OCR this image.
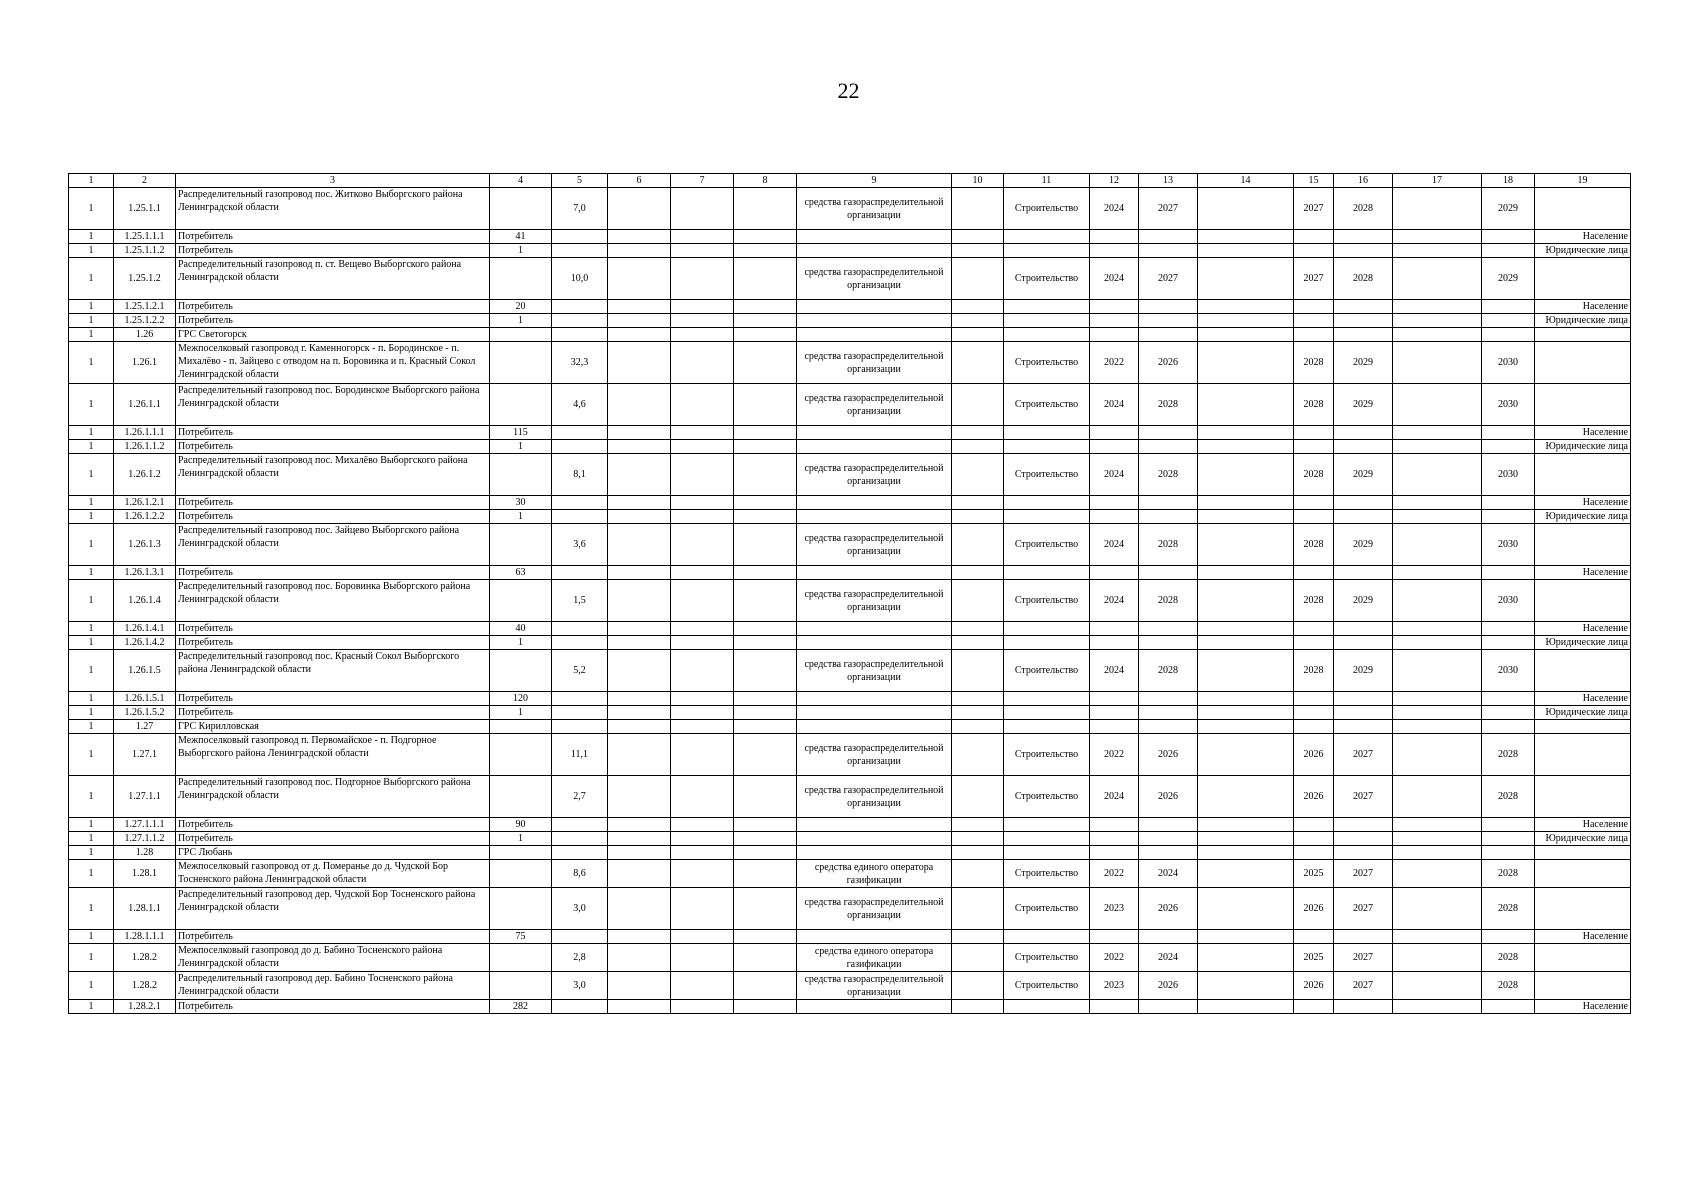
22
1	2	3	4	5	6	7	8	9	10	11	12	13	14	15	16	17	18	19
1	1.25.1.1	Распределительный газопровод пос. Житково Выборгского района Ленинградской области		7,0				средства газораспределительной организации		Строительство	2024	2027		2027	2028		2029	
1	1.25.1.1.1	Потребитель	41															Население
1	1.25.1.1.2	Потребитель	1															Юридические лица
1	1.25.1.2	Распределительный газопровод п. ст. Вещево Выборгского района Ленинградской области		10,0				средства газораспределительной организации		Строительство	2024	2027		2027	2028		2029	
1	1.25.1.2.1	Потребитель	20															Население
1	1.25.1.2.2	Потребитель	1															Юридические лица
1	1.26	ГРС Светогорск																
1	1.26.1	Межпоселковый газопровод г. Каменногорск - п. Бородинское - п. Михалёво - п. Зайцево с отводом на п. Боровинка и п. Красный Сокол Ленинградской области		32,3				средства газораспределительной организации		Строительство	2022	2026		2028	2029		2030	
1	1.26.1.1	Распределительный газопровод пос. Бородинское Выборгского района Ленинградской области		4,6				средства газораспределительной организации		Строительство	2024	2028		2028	2029		2030	
1	1.26.1.1.1	Потребитель	115															Население
1	1.26.1.1.2	Потребитель	1															Юридические лица
1	1.26.1.2	Распределительный газопровод пос. Михалёво Выборгского района Ленинградской области		8,1				средства газораспределительной организации		Строительство	2024	2028		2028	2029		2030	
1	1.26.1.2.1	Потребитель	30															Население
1	1.26.1.2.2	Потребитель	1															Юридические лица
1	1.26.1.3	Распределительный газопровод пос. Зайцево Выборгского района Ленинградской области		3,6				средства газораспределительной организации		Строительство	2024	2028		2028	2029		2030	
1	1.26.1.3.1	Потребитель	63															Население
1	1.26.1.4	Распределительный газопровод пос. Боровинка Выборгского района Ленинградской области		1,5				средства газораспределительной организации		Строительство	2024	2028		2028	2029		2030	
1	1.26.1.4.1	Потребитель	40															Население
1	1.26.1.4.2	Потребитель	1															Юридические лица
1	1.26.1.5	Распределительный газопровод пос. Красный Сокол Выборгского района Ленинградской области		5,2				средства газораспределительной организации		Строительство	2024	2028		2028	2029		2030	
1	1.26.1.5.1	Потребитель	120															Население
1	1.26.1.5.2	Потребитель	1															Юридические лица
1	1.27	ГРС Кирилловская																
1	1.27.1	Межпоселковый газопровод п. Первомайское - п. Подгорное Выборгского района Ленинградской области		11,1				средства газораспределительной организации		Строительство	2022	2026		2026	2027		2028	
1	1.27.1.1	Распределительный газопровод пос. Подгорное Выборгского района Ленинградской области		2,7				средства газораспределительной организации		Строительство	2024	2026		2026	2027		2028	
1	1.27.1.1.1	Потребитель	90															Население
1	1.27.1.1.2	Потребитель	1															Юридические лица
1	1.28	ГРС Любань																
1	1.28.1	Межпоселковый газопровод от д. Померанье до д. Чудской Бор Тосненского района Ленинградской области		8,6				средства единого оператора газификации		Строительство	2022	2024		2025	2027		2028	
1	1.28.1.1	Распределительный газопровод дер. Чудской Бор Тосненского района Ленинградской области		3,0				средства газораспределительной организации		Строительство	2023	2026		2026	2027		2028	
1	1.28.1.1.1	Потребитель	75															Население
1	1.28.2	Межпоселковый газопровод до д. Бабино Тосненского района Ленинградской области		2,8				средства единого оператора газификации		Строительство	2022	2024		2025	2027		2028	
1	1.28.2	Распределительный газопровод дер. Бабино Тосненского района Ленинградской области		3,0				средства газораспределительной организации		Строительство	2023	2026		2026	2027		2028	
1	1.28.2.1	Потребитель	282															Население
